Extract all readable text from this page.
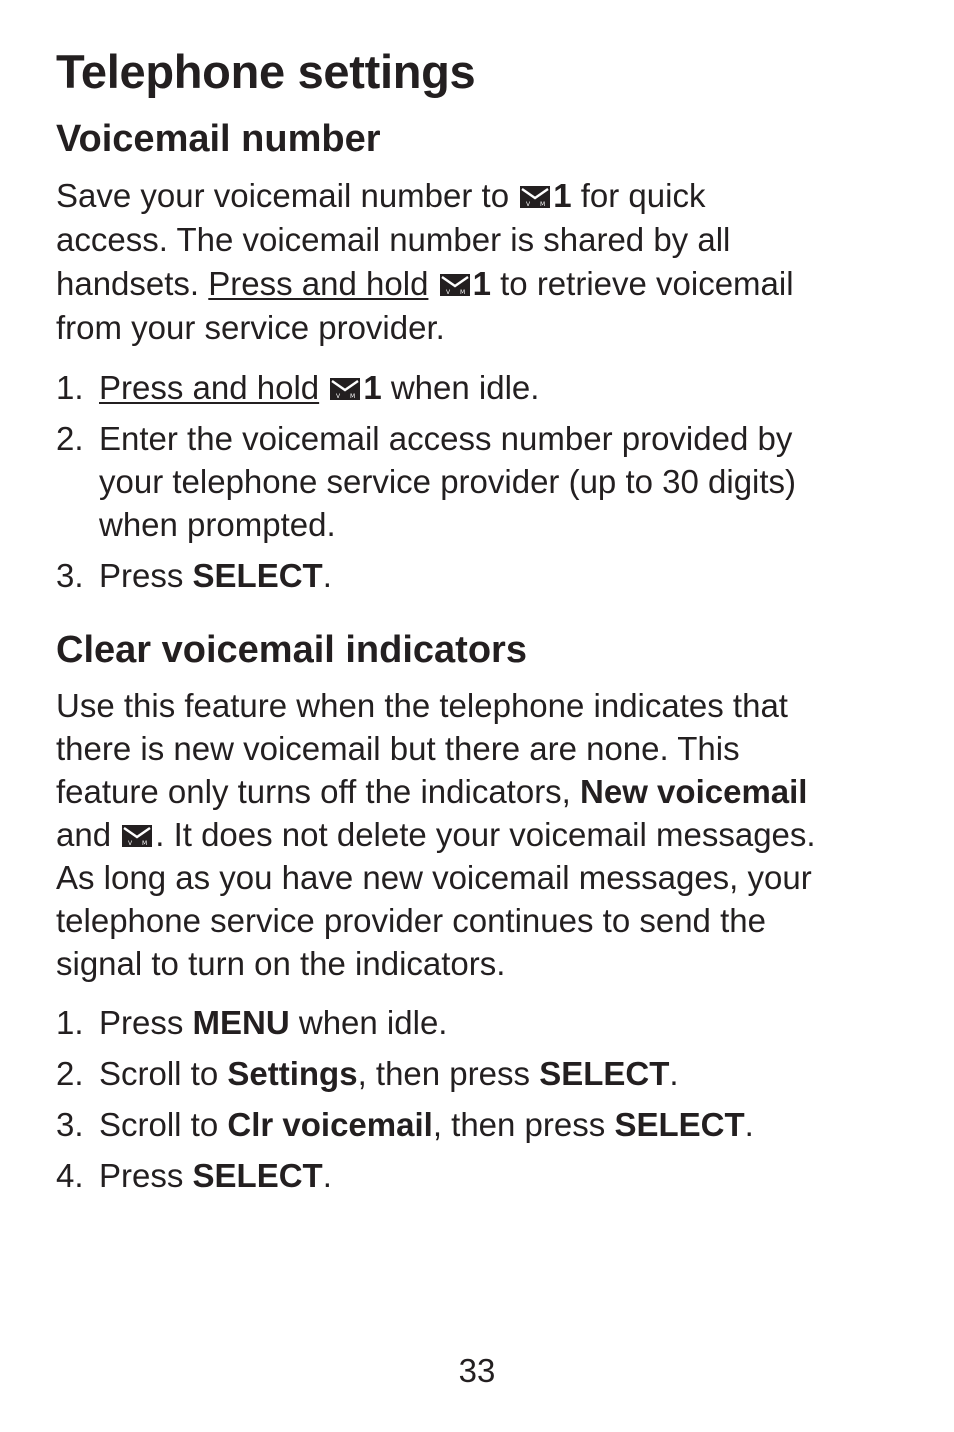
Telephone settings
Voicemail number
Save your voicemail number to	V M 1 for quick
access. The voicemail number is shared by all
handsets. Press and hold	V M 1 to retrieve voicemail
from your service provider.
1. Press and hold	V M 1 when idle.
2. Enter the voicemail access number provided by
your telephone service provider (up to 30 digits)
when prompted.
3. Press SELECT.
Clear voicemail indicators
Use this feature when the telephone indicates that
there is new voicemail but there are none. This
feature only turns off the indicators, New voicemail
and	V M . It does not delete your voicemail messages.
As long as you have new voicemail messages, your
telephone service provider continues to send the
signal to turn on the indicators.
1. Press MENU when idle.
2. Scroll to Settings, then press SELECT.
3. Scroll to Clr voicemail, then press SELECT.
4. Press SELECT.
33
